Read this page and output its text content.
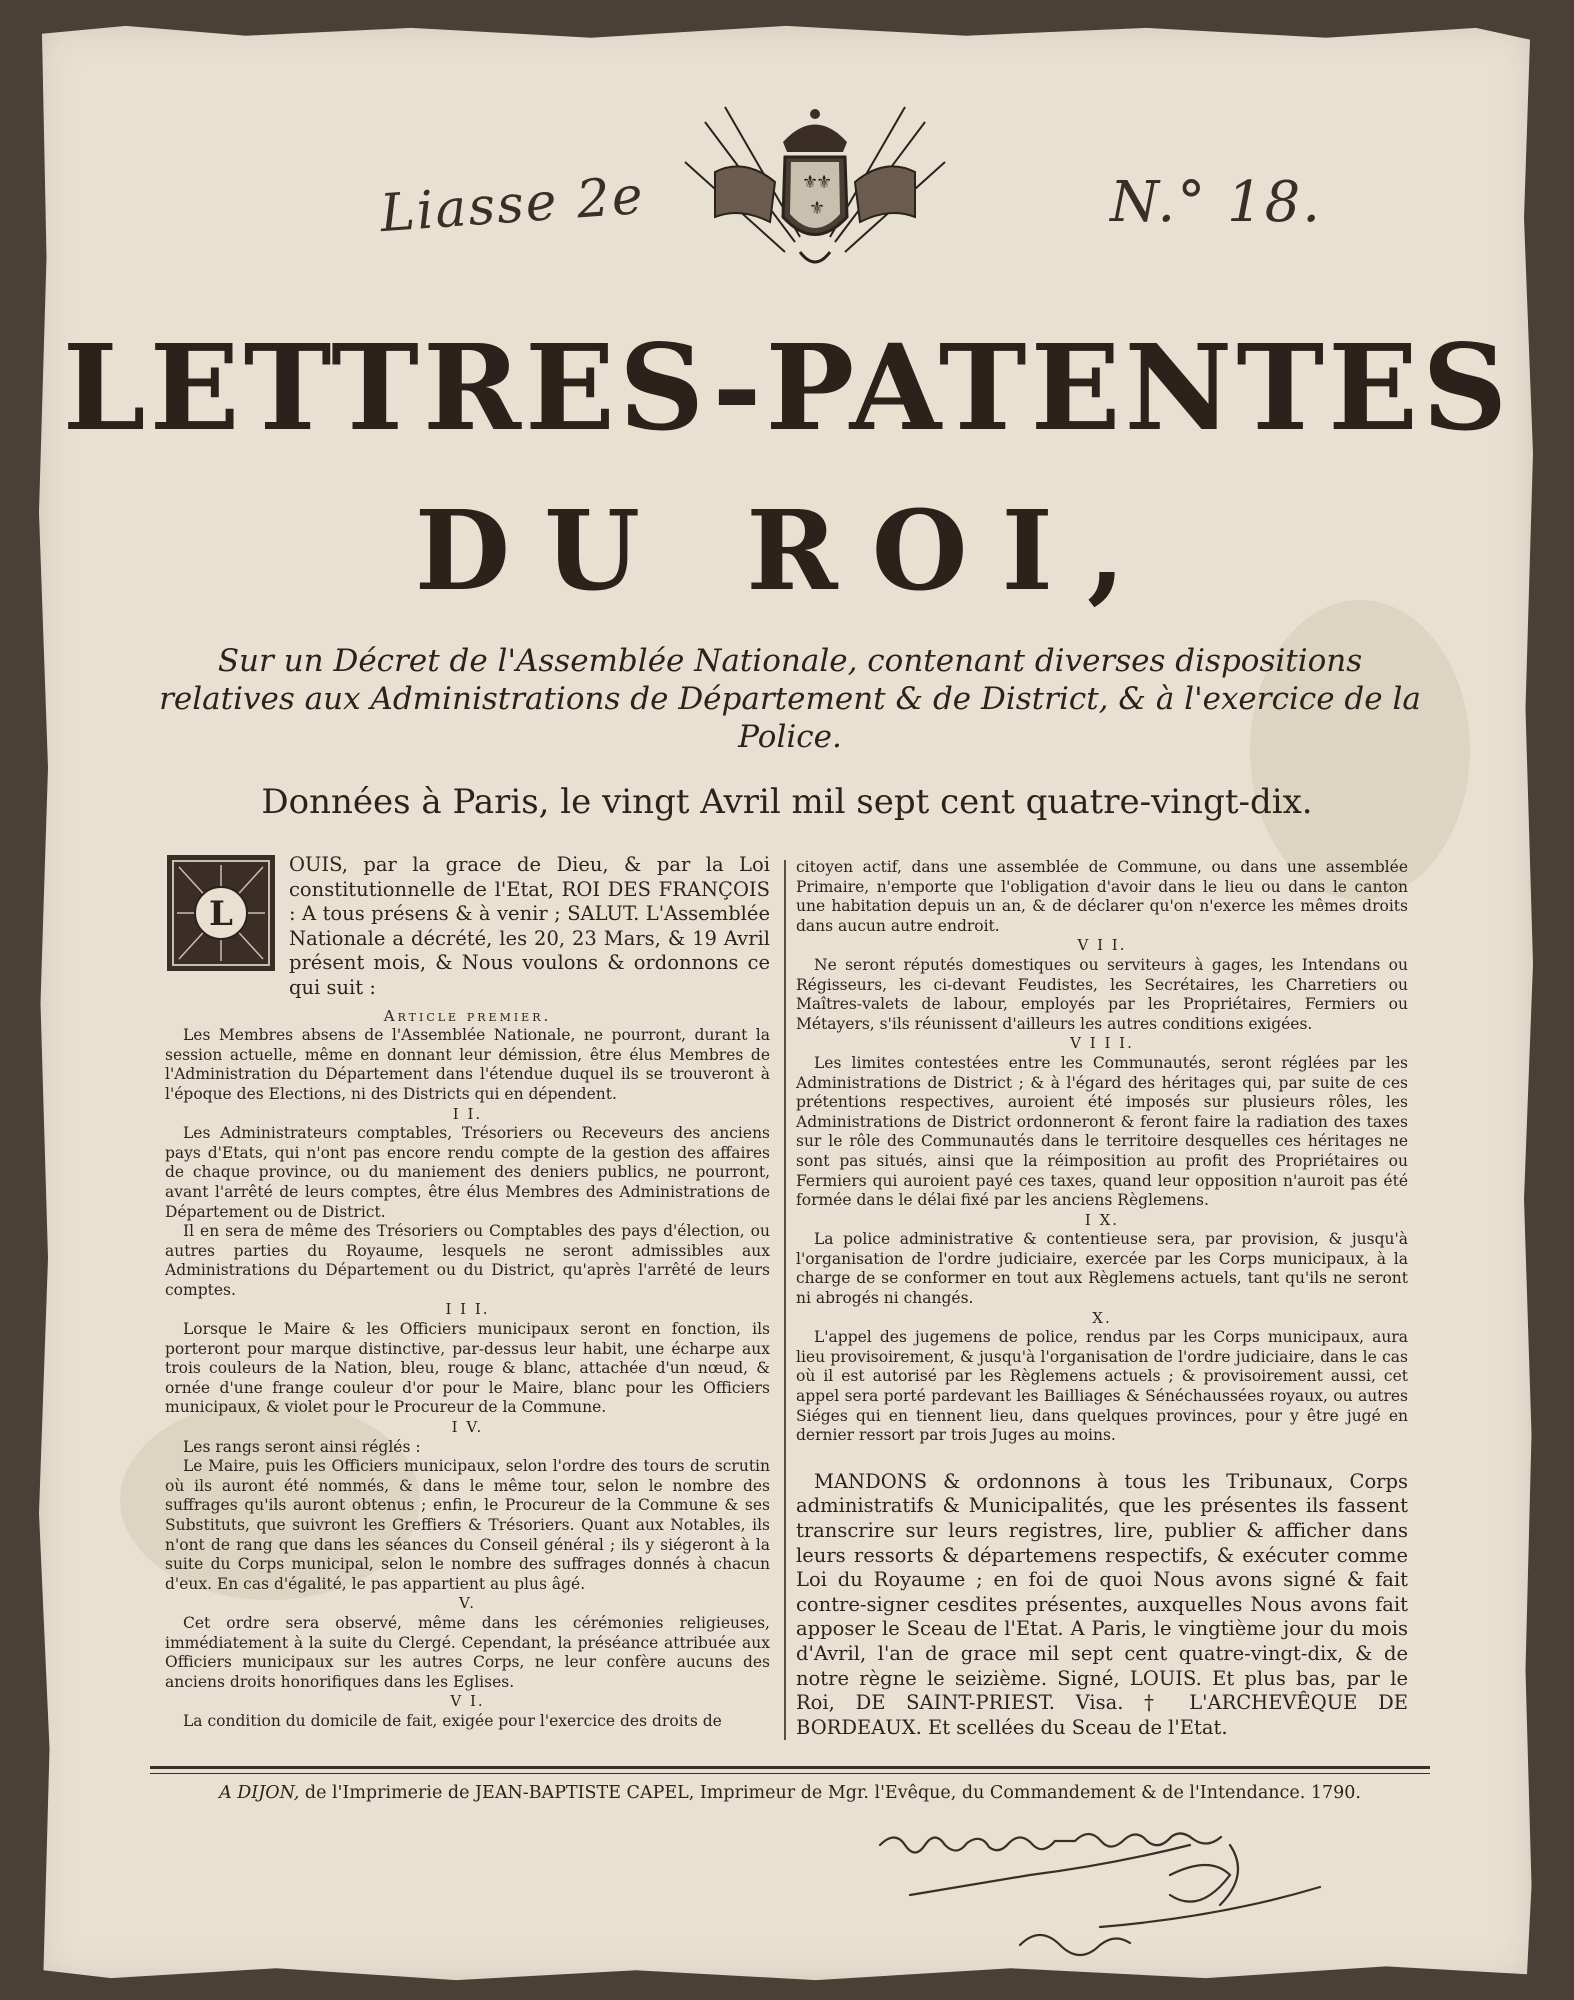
Liasse 2e	N.° 18.
⚜
⚜
⚜
LETTRES-PATENTES
DU ROI,
Sur un Décret de l'Assemblée Nationale, contenant diverses dispositions relatives aux Administrations de Département & de District, & à l'exercice de la Police.
Données à Paris, le vingt Avril mil sept cent quatre-vingt-dix.
L

OUIS, par la grace de Dieu, & par la Loi constitutionnelle de l'Etat, ROI DES FRANÇOIS : A tous présens & à venir ; SALUT. L'Assemblée Nationale a décrété, les 20, 23 Mars, & 19 Avril présent mois, & Nous voulons & ordonnons ce qui suit :

Article premier.

Les Membres absens de l'Assemblée Nationale, ne pourront, durant la session actuelle, même en donnant leur démission, être élus Membres de l'Administration du Département dans l'étendue duquel ils se trouveront à l'époque des Elections, ni des Districts qui en dépendent.

I I.

Les Administrateurs comptables, Trésoriers ou Receveurs des anciens pays d'Etats, qui n'ont pas encore rendu compte de la gestion des affaires de chaque province, ou du maniement des deniers publics, ne pourront, avant l'arrêté de leurs comptes, être élus Membres des Administrations de Département ou de District.

Il en sera de même des Trésoriers ou Comptables des pays d'élection, ou autres parties du Royaume, lesquels ne seront admissibles aux Administrations du Département ou du District, qu'après l'arrêté de leurs comptes.

I I I.

Lorsque le Maire & les Officiers municipaux seront en fonction, ils porteront pour marque distinctive, par-dessus leur habit, une écharpe aux trois couleurs de la Nation, bleu, rouge & blanc, attachée d'un nœud, & ornée d'une frange couleur d'or pour le Maire, blanc pour les Officiers municipaux, & violet pour le Procureur de la Commune.

I V.

Les rangs seront ainsi réglés :

Le Maire, puis les Officiers municipaux, selon l'ordre des tours de scrutin où ils auront été nommés, & dans le même tour, selon le nombre des suffrages qu'ils auront obtenus ; enfin, le Procureur de la Commune & ses Substituts, que suivront les Greffiers & Trésoriers. Quant aux Notables, ils n'ont de rang que dans les séances du Conseil général ; ils y siégeront à la suite du Corps municipal, selon le nombre des suffrages donnés à chacun d'eux. En cas d'égalité, le pas appartient au plus âgé.

V.

Cet ordre sera observé, même dans les cérémonies religieuses, immédiatement à la suite du Clergé. Cependant, la préséance attribuée aux Officiers municipaux sur les autres Corps, ne leur confère aucuns des anciens droits honorifiques dans les Eglises.

V I.

La condition du domicile de fait, exigée pour l'exercice des droits de

citoyen actif, dans une assemblée de Commune, ou dans une assemblée Primaire, n'emporte que l'obligation d'avoir dans le lieu ou dans le canton une habitation depuis un an, & de déclarer qu'on n'exerce les mêmes droits dans aucun autre endroit.

V I I.

Ne seront réputés domestiques ou serviteurs à gages, les Intendans ou Régisseurs, les ci-devant Feudistes, les Secrétaires, les Charretiers ou Maîtres-valets de labour, employés par les Propriétaires, Fermiers ou Métayers, s'ils réunissent d'ailleurs les autres conditions exigées.

V I I I.

Les limites contestées entre les Communautés, seront réglées par les Administrations de District ; & à l'égard des héritages qui, par suite de ces prétentions respectives, auroient été imposés sur plusieurs rôles, les Administrations de District ordonneront & feront faire la radiation des taxes sur le rôle des Communautés dans le territoire desquelles ces héritages ne sont pas situés, ainsi que la réimposition au profit des Propriétaires ou Fermiers qui auroient payé ces taxes, quand leur opposition n'auroit pas été formée dans le délai fixé par les anciens Règlemens.

I X.

La police administrative & contentieuse sera, par provision, & jusqu'à l'organisation de l'ordre judiciaire, exercée par les Corps municipaux, à la charge de se conformer en tout aux Règlemens actuels, tant qu'ils ne seront ni abrogés ni changés.

X.

L'appel des jugemens de police, rendus par les Corps municipaux, aura lieu provisoirement, & jusqu'à l'organisation de l'ordre judiciaire, dans le cas où il est autorisé par les Règlemens actuels ; & provisoirement aussi, cet appel sera porté pardevant les Bailliages & Sénéchaussées royaux, ou autres Siéges qui en tiennent lieu, dans quelques provinces, pour y être jugé en dernier ressort par trois Juges au moins.

MANDONS & ordonnons à tous les Tribunaux, Corps administratifs & Municipalités, que les présentes ils fassent transcrire sur leurs registres, lire, publier & afficher dans leurs ressorts & départemens respectifs, & exécuter comme Loi du Royaume ; en foi de quoi Nous avons signé & fait contre-signer cesdites présentes, auxquelles Nous avons fait apposer le Sceau de l'Etat. A Paris, le vingtième jour du mois d'Avril, l'an de grace mil sept cent quatre-vingt-dix, & de notre règne le seizième. Signé, LOUIS. Et plus bas, par le Roi, DE SAINT-PRIEST. Visa. † L'ARCHEVÊQUE DE BORDEAUX. Et scellées du Sceau de l'Etat.

A DIJON, de l'Imprimerie de JEAN-BAPTISTE CAPEL, Imprimeur de Mgr. l'Evêque, du Commandement & de l'Intendance. 1790.
